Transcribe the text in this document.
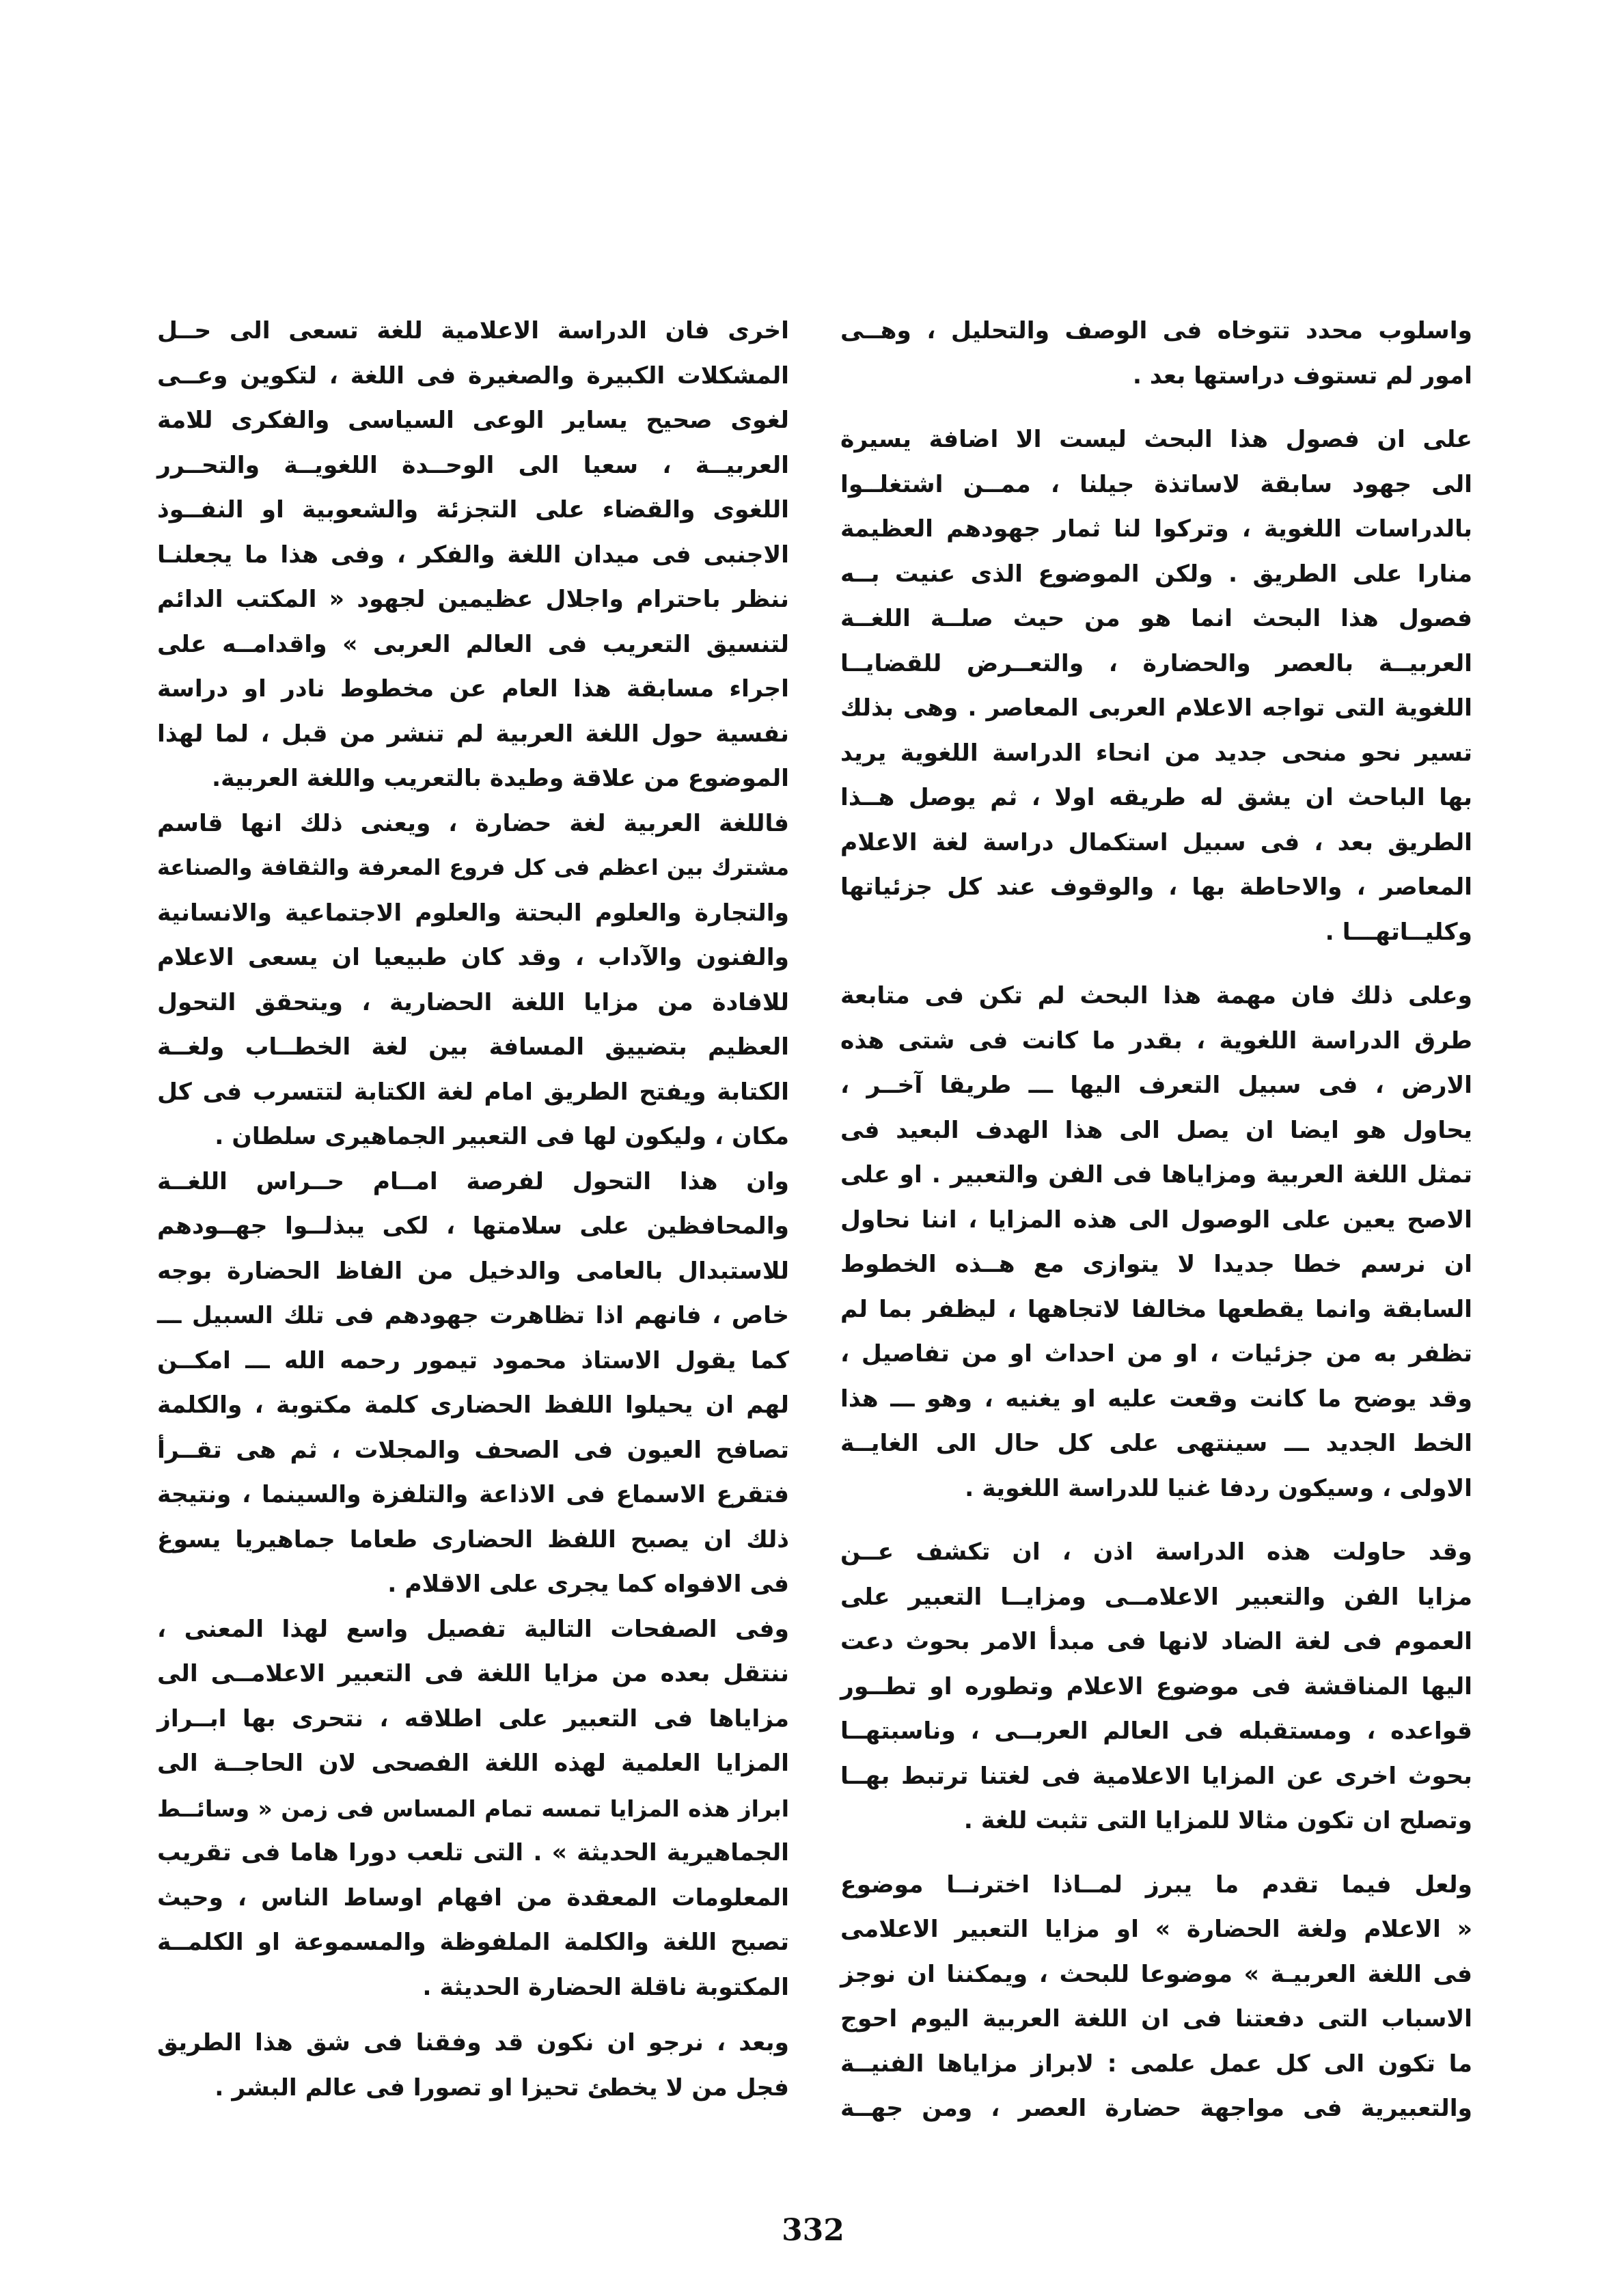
واسلوب محدد تتوخاه فى الوصف والتحليل ، وهــى
امور لم تستوف دراستها بعد .

على ان فصول هذا البحث ليست الا اضافة يسيرة
الى جهود سابقة لاساتذة جيلنا ، ممــن اشتغلــوا
بالدراسات اللغوية ، وتركوا لنا ثمار جهودهم العظيمة
منارا على الطريق . ولكن الموضوع الذى عنيت بــه
فصول هذا البحث انما هو من حيث صلــة اللغــة
العربيــة بالعصر والحضارة ، والتعــرض للقضايــا
اللغوية التى تواجه الاعلام العربى المعاصر . وهى بذلك
تسير نحو منحى جديد من انحاء الدراسة اللغوية يريد
بها الباحث ان يشق له طريقه اولا ، ثم يوصل هــذا
الطريق بعد ، فى سبيل استكمال دراسة لغة الاعلام
المعاصر ، والاحاطة بها ، والوقوف عند كل جزئياتها
وكليــاتهـــا .

وعلى ذلك فان مهمة هذا البحث لم تكن فى متابعة
طرق الدراسة اللغوية ، بقدر ما كانت فى شتى هذه
الارض ، فى سبيل التعرف اليها ـــ طريقا آخــر ،
يحاول هو ايضا ان يصل الى هذا الهدف البعيد فى
تمثل اللغة العربية ومزاياها فى الفن والتعبير . او على
الاصح يعين على الوصول الى هذه المزايا ، اننا نحاول
ان نرسم خطا جديدا لا يتوازى مع هــذه الخطوط
السابقة وانما يقطعها مخالفا لاتجاهها ، ليظفر بما لم
تظفر به من جزئيات ، او من احداث او من تفاصيل ،
وقد يوضح ما كانت وقعت عليه او يغنيه ، وهو ـــ هذا
الخط الجديد ـــ سينتهى على كل حال الى الغايــة
الاولى ، وسيكون ردفا غنيا للدراسة اللغوية .

وقد حاولت هذه الدراسة اذن ، ان تكشف عــن
مزايا الفن والتعبير الاعلامــى ومزايــا التعبير على
العموم فى لغة الضاد لانها فى مبدأ الامر بحوث دعت
اليها المناقشة فى موضوع الاعلام وتطوره او تطــور
قواعده ، ومستقبله فى العالم العربــى ، وناسبتهــا
بحوث اخرى عن المزايا الاعلامية فى لغتنا ترتبط بهــا
وتصلح ان تكون مثالا للمزايا التى تثبت للغة .

ولعل فيما تقدم ما يبرز لمــاذا اخترنــا موضوع
« الاعلام ولغة الحضارة » او مزايا التعبير الاعلامى
فى اللغة العربيـة » موضوعا للبحث ، ويمكننا ان نوجز
الاسباب التى دفعتنا فى ان اللغة العربية اليوم احوج
ما تكون الى كل عمل علمى : لابراز مزاياها الفنيــة
والتعبيرية فى مواجهة حضارة العصر ، ومن جهــة

اخرى فان الدراسة الاعلامية للغة تسعى الى حــل
المشكلات الكبيرة والصغيرة فى اللغة ، لتكوين وعــى
لغوى صحيح يساير الوعى السياسى والفكرى للامة
العربيــة ، سعيا الى الوحــدة اللغويــة والتحــرر
اللغوى والقضاء على التجزئة والشعوبية او النفــوذ
الاجنبى فى ميدان اللغة والفكر ، وفى هذا ما يجعلنـا
ننظر باحترام واجلال عظيمين لجهود « المكتب الدائم
لتنسيق التعريب فى العالم العربى » واقدامــه على
اجراء مسابقة هذا العام عن مخطوط نادر او دراسة
نفسية حول اللغة العربية لم تنشر من قبل ، لما لهذا
الموضوع من علاقة وطيدة بالتعريب واللغة العربية.

فاللغة العربية لغة حضارة ، ويعنى ذلك انها قاسم
مشترك بين اعظم فى كل فروع المعرفة والثقافة والصناعة
والتجارة والعلوم البحتة والعلوم الاجتماعية والانسانية
والفنون والآداب ، وقد كان طبيعيا ان يسعى الاعلام
للافادة من مزايا اللغة الحضارية ، ويتحقق التحول
العظيم بتضييق المسافة بين لغة الخطــاب ولغــة
الكتابة ويفتح الطريق امام لغة الكتابة لتتسرب فى كل
مكان ، وليكون لها فى التعبير الجماهيرى سلطان .

وان هذا التحول لفرصة امــام حــراس اللغــة
والمحافظين على سلامتها ، لكى يبذلــوا جهــودهم
للاستبدال بالعامى والدخيل من الفاظ الحضارة بوجه
خاص ، فانهم اذا تظاهرت جهودهم فى تلك السبيل ـــ
كما يقول الاستاذ محمود تيمور رحمه الله ـــ امكــن
لهم ان يحيلوا اللفظ الحضارى كلمة مكتوبة ، والكلمة
تصافح العيون فى الصحف والمجلات ، ثم هى تقــرأ
فتقرع الاسماع فى الاذاعة والتلفزة والسينما ، ونتيجة
ذلك ان يصبح اللفظ الحضارى طعاما جماهيريا يسوغ
فى الافواه كما يجرى على الاقلام .

وفى الصفحات التالية تفصيل واسع لهذا المعنى ،
ننتقل بعده من مزايا اللغة فى التعبير الاعلامــى الى
مزاياها فى التعبير على اطلاقه ، نتحرى بها ابــراز
المزايا العلمية لهذه اللغة الفصحى لان الحاجــة الى
ابراز هذه المزايا تمسه تمام المساس فى زمن « وسائــط
الجماهيرية الحديثة » . التى تلعب دورا هاما فى تقريب
المعلومات المعقدة من افهام اوساط الناس ، وحيث
تصبح اللغة والكلمة الملفوظة والمسموعة او الكلمــة
المكتوبة ناقلة الحضارة الحديثة .

وبعد ، نرجو ان نكون قد وفقنا فى شق هذا الطريق
فجل من لا يخطئ تحيزا او تصورا فى عالم البشر .

332
